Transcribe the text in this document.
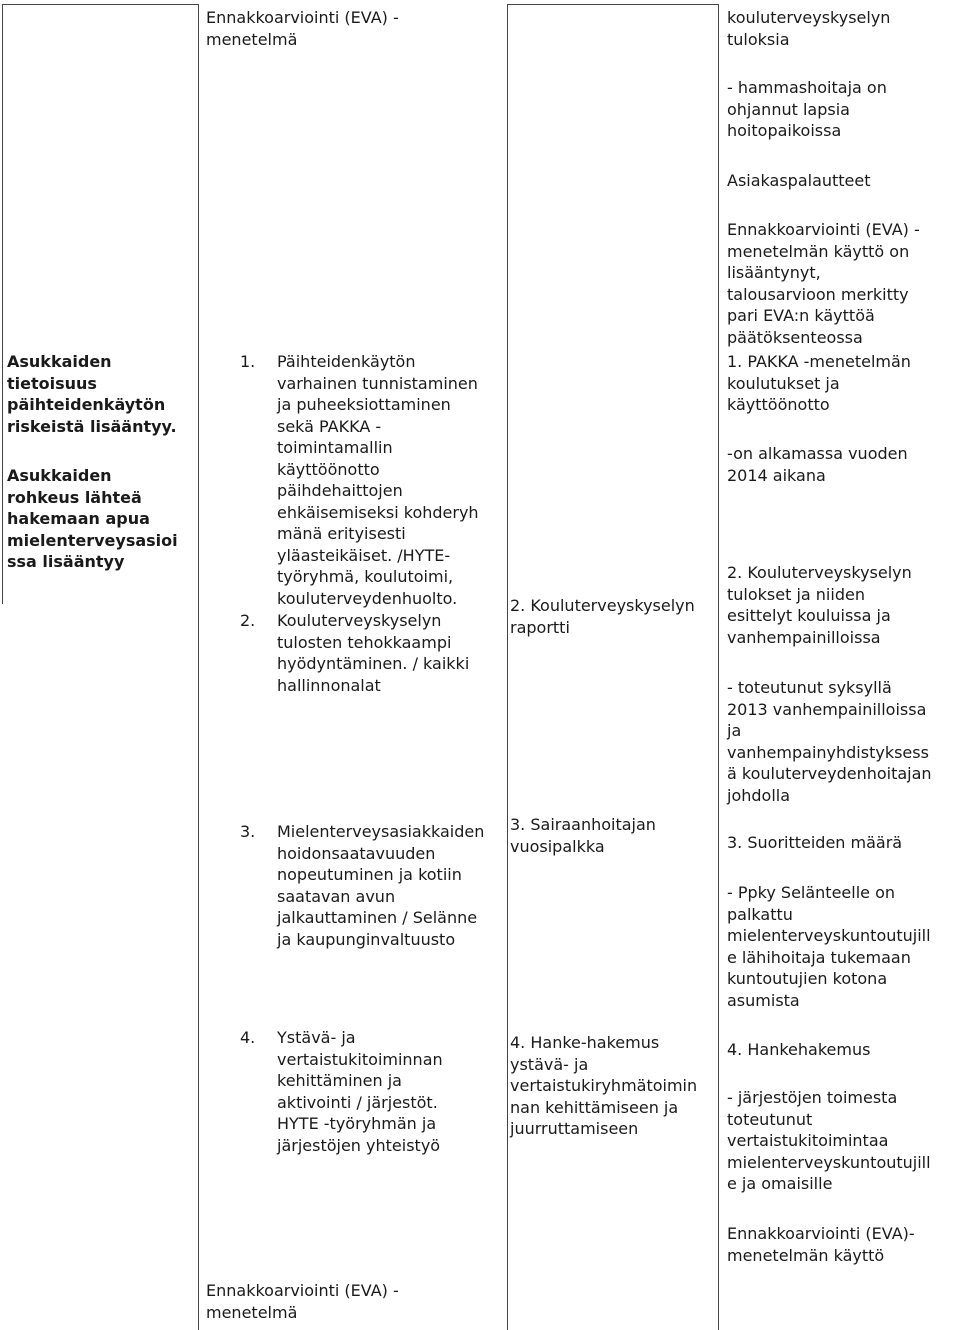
Asukkaiden
tietoisuus
päihteidenkäytön
riskeistä lisääntyy.
Asukkaiden
rohkeus lähteä
hakemaan apua
mielenterveysasioi
ssa lisääntyy
Ennakkoarviointi (EVA) -
menetelmä
1. Päihteidenkäytön
varhainen tunnistaminen
ja puheeksiottaminen
sekä PAKKA -
toimintamallin
käyttöönotto
päihdehaittojen
ehkäisemiseksi kohderyh
mänä erityisesti
yläasteikäiset. /HYTE-
työryhmä, koulutoimi,
kouluterveydenhuolto.
2. Kouluterveyskyselyn
tulosten tehokkaampi
hyödyntäminen. / kaikki
hallinnonalat
3. Mielenterveysasiakkaiden
hoidonsaatavuuden
nopeutuminen ja kotiin
saatavan avun
jalkauttaminen / Selänne
ja kaupunginvaltuusto
4. Ystävä- ja
vertaistukitoiminnan
kehittäminen ja
aktivointi / järjestöt.
HYTE -työryhmän ja
järjestöjen yhteistyö
Ennakkoarviointi (EVA) -
menetelmä
2. Kouluterveyskyselyn
raportti
3. Sairaanhoitajan
vuosipalkka
4. Hanke-hakemus
ystävä- ja
vertaistukiryhmätoimin
nan kehittämiseen ja
juurruttamiseen
kouluterveyskyselyn
tuloksia
- hammashoitaja on
ohjannut lapsia
hoitopaikoissa
Asiakaspalautteet
Ennakkoarviointi (EVA) -
menetelmän käyttö on
lisääntynyt,
talousarvioon merkitty
pari EVA:n käyttöä
päätöksenteossa
1. PAKKA -menetelmän
koulutukset ja
käyttöönotto
-on alkamassa vuoden
2014 aikana
2. Kouluterveyskyselyn
tulokset ja niiden
esittelyt kouluissa ja
vanhempainilloissa
- toteutunut syksyllä
2013 vanhempainilloissa
ja
vanhempainyhdistyksess
ä kouluterveydenhoitajan
johdolla
3. Suoritteiden määrä
- Ppky Selänteelle on
palkattu
mielenterveyskuntoutujill
e lähihoitaja tukemaan
kuntoutujien kotona
asumista
4. Hankehakemus
- järjestöjen toimesta
toteutunut
vertaistukitoimintaa
mielenterveyskuntoutujill
e ja omaisille
Ennakkoarviointi (EVA)-
menetelmän käyttö
